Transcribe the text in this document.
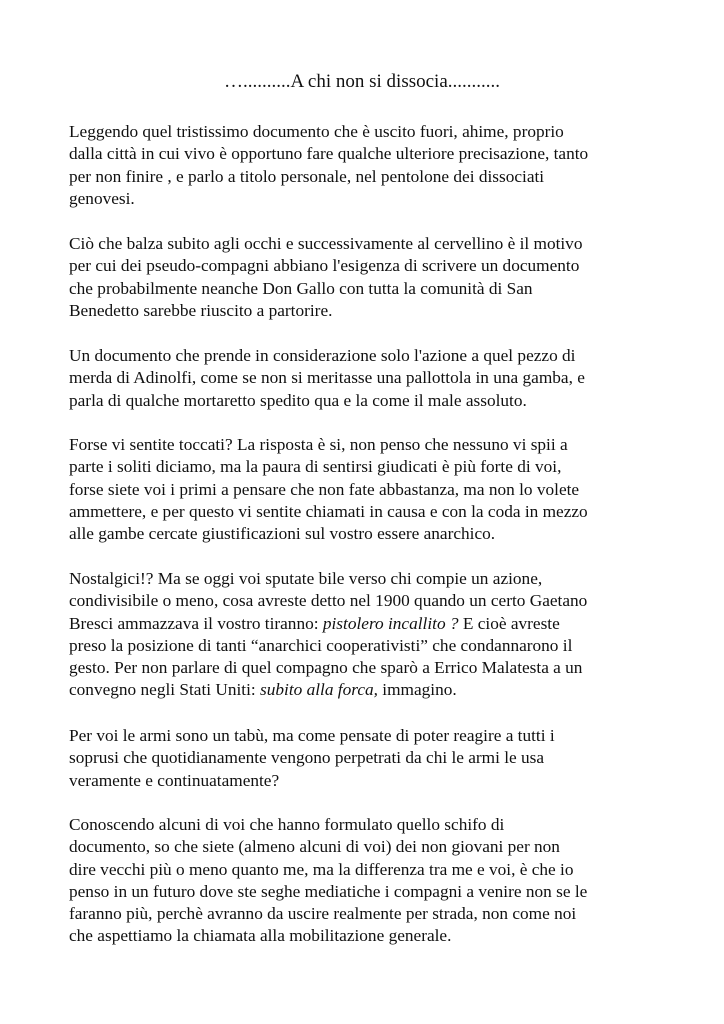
…..........A chi non si dissocia...........

Leggendo quel tristissimo documento che è uscito fuori, ahime, proprio
dalla città in cui vivo è opportuno fare qualche ulteriore precisazione, tanto
per non finire , e parlo a titolo personale, nel pentolone dei dissociati
genovesi.

Ciò che balza subito agli occhi e successivamente al cervellino è il motivo
per cui dei pseudo-compagni abbiano l'esigenza di scrivere un documento
che probabilmente neanche Don Gallo con tutta la comunità di San
Benedetto sarebbe riuscito a partorire.

Un documento che prende in considerazione solo l'azione a quel pezzo di
merda di Adinolfi, come se non si meritasse una pallottola in una gamba, e
parla di qualche mortaretto spedito qua e la come il male assoluto.

Forse vi sentite toccati? La risposta è si, non penso che nessuno vi spii a
parte i soliti diciamo, ma la paura di sentirsi giudicati è più forte di voi,
forse siete voi i primi a pensare che non fate abbastanza, ma non lo volete
ammettere, e per questo vi sentite chiamati in causa e con la coda in mezzo
alle gambe cercate giustificazioni sul vostro essere anarchico.

Nostalgici!? Ma se oggi voi sputate bile verso chi compie un azione,
condivisibile o meno, cosa avreste detto nel 1900 quando un certo Gaetano
Bresci ammazzava il vostro tiranno: pistolero incallito ? E cioè avreste
preso la posizione di tanti “anarchici cooperativisti” che condannarono il
gesto. Per non parlare di quel compagno che sparò a Errico Malatesta a un
convegno negli Stati Uniti: subito alla forca, immagino.

Per voi le armi sono un tabù, ma come pensate di poter reagire a tutti i
soprusi che quotidianamente vengono perpetrati da chi le armi le usa
veramente e continuatamente?

Conoscendo alcuni di voi che hanno formulato quello schifo di
documento, so che siete (almeno alcuni di voi) dei non giovani per non
dire vecchi più o meno quanto me, ma la differenza tra me e voi, è che io
penso in un futuro dove ste seghe mediatiche i compagni a venire non se le
faranno più, perchè avranno da uscire realmente per strada, non come noi
che aspettiamo la chiamata alla mobilitazione generale.
